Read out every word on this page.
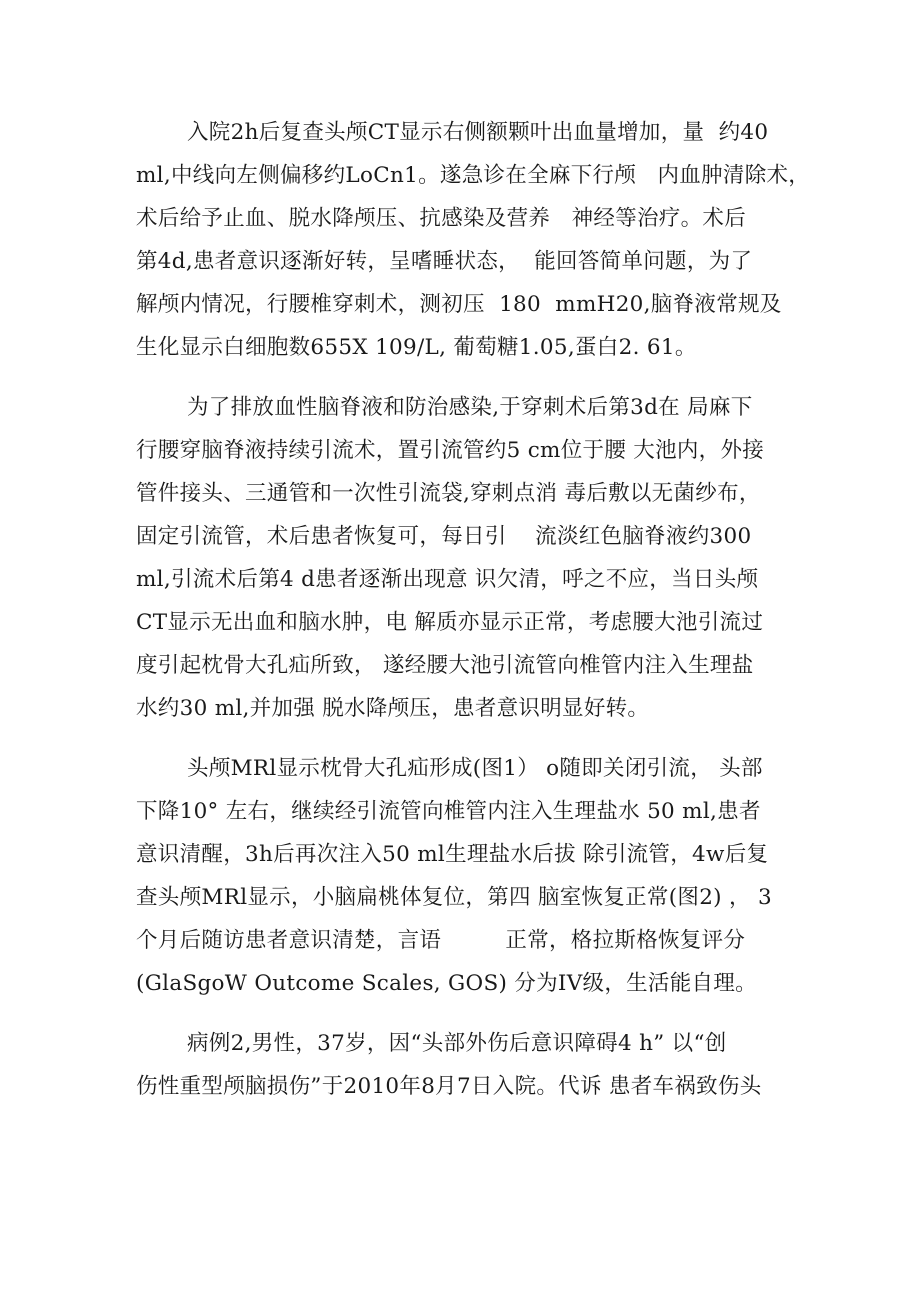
入院2h后复查头颅CT显示右侧额颗叶出血量增加，量  约40
ml,中线向左侧偏移约LoCn1。遂急诊在全麻下行颅   内血肿清除术，
术后给予止血、脱水降颅压、抗感染及营养   神经等治疗。术后
第4d,患者意识逐渐好转，呈嗜睡状态，  能回答简单问题，为了
解颅内情况，行腰椎穿刺术，测初压  180  mmH20,脑脊液常规及
生化显示白细胞数655X 109/L, 葡萄糖1.05,蛋白2. 61。
为了排放血性脑脊液和防治感染,于穿刺术后第3d在 局麻下
行腰穿脑脊液持续引流术，置引流管约5 cm位于腰 大池内，外接
管件接头、三通管和一次性引流袋,穿刺点消 毒后敷以无菌纱布，
固定引流管，术后患者恢复可，每日引    流淡红色脑脊液约300
ml,引流术后第4 d患者逐渐出现意 识欠清，呼之不应，当日头颅
CT显示无出血和脑水肿，电 解质亦显示正常，考虑腰大池引流过
度引起枕骨大孔疝所致， 遂经腰大池引流管向椎管内注入生理盐
水约30 ml,并加强 脱水降颅压，患者意识明显好转。
头颅MRl显示枕骨大孔疝形成(图1） o随即关闭引流， 头部
下降10° 左右，继续经引流管向椎管内注入生理盐水 50 ml,患者
意识清醒，3h后再次注入50 ml生理盐水后拔 除引流管，4w后复
查头颅MRl显示，小脑扁桃体复位，第四 脑室恢复正常(图2) ， 3
个月后随访患者意识清楚，言语         正常，格拉斯格恢复评分
(GlaSgoW Outcome Scales, GOS) 分为IV级，生活能自理。
病例2,男性，37岁，因“头部外伤后意识障碍4 h” 以“创
伤性重型颅脑损伤”于2010年8月7日入院。代诉 患者车祸致伤头
